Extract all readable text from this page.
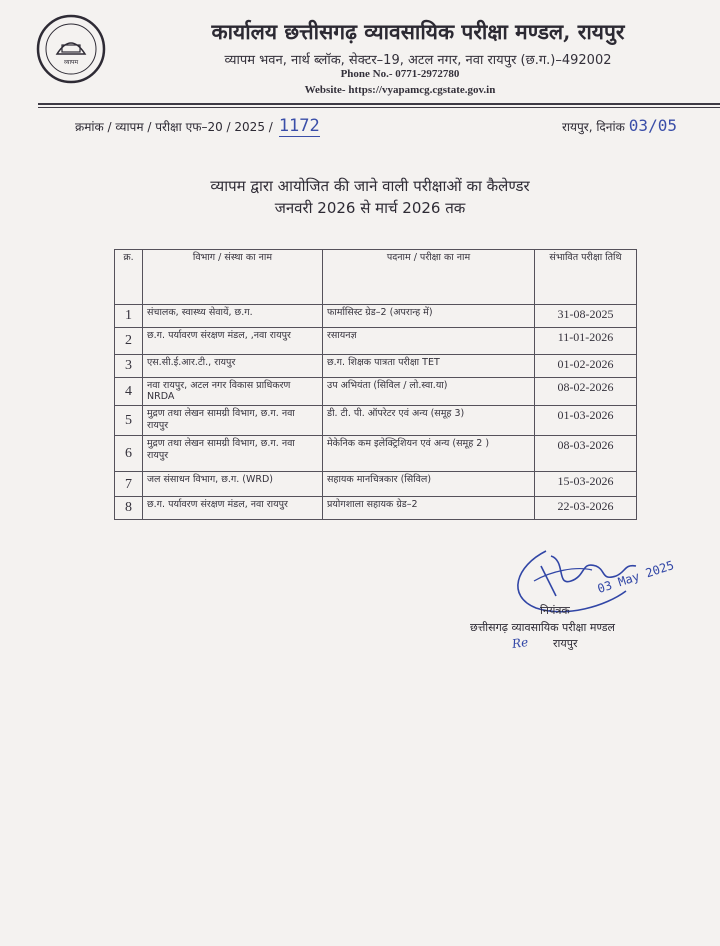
व्यापम
कार्यालय छत्तीसगढ़ व्यावसायिक परीक्षा मण्डल, रायपुर
व्यापम भवन, नार्थ ब्लॉक, सेक्टर–19, अटल नगर, नवा रायपुर (छ.ग.)–492002
Phone No.- 0771-2972780
Website- https://vyapamcg.cgstate.gov.in
क्रमांक / व्यापम / परीक्षा एफ–20 / 2025 / 1172	रायपुर, दिनांक 03/05
व्यापम द्वारा आयोजित की जाने वाली परीक्षाओं का कैलेण्डर
जनवरी 2026 से मार्च 2026 तक
क्र.	विभाग / संस्था का नाम	पदनाम / परीक्षा का नाम	संभावित परीक्षा तिथि
1	संचालक, स्वास्थ्य सेवायें, छ.ग.	फार्मासिस्ट ग्रेड–2 (अपरान्ह में)	31-08-2025
2	छ.ग. पर्यावरण संरक्षण मंडल, ,नवा रायपुर	रसायनज्ञ	11-01-2026
3	एस.सी.ई.आर.टी., रायपुर	छ.ग. शिक्षक पात्रता परीक्षा TET	01-02-2026
4	नवा रायपुर, अटल नगर विकास प्राधिकरण NRDA	उप अभियंता (सिविल / लो.स्वा.या)	08-02-2026
5	मुद्रण तथा लेखन सामग्री विभाग, छ.ग. नवा रायपुर	डी. टी. पी. ऑपरेटर एवं अन्य (समूह 3)	01-03-2026
6	मुद्रण तथा लेखन सामग्री विभाग, छ.ग. नवा रायपुर	मेकेनिक कम इलेक्ट्रिशियन एवं अन्य (समूह 2 )	08-03-2026
7	जल संसाधन विभाग, छ.ग. (WRD)	सहायक मानचित्रकार (सिविल)	15-03-2026
8	छ.ग. पर्यावरण संरक्षण मंडल, नवा रायपुर	प्रयोगशाला सहायक ग्रेड–2	22-03-2026
03 May 2025
नियंत्रक
छत्तीसगढ़ व्यावसायिक परीक्षा मण्डल
Re रायपुर
